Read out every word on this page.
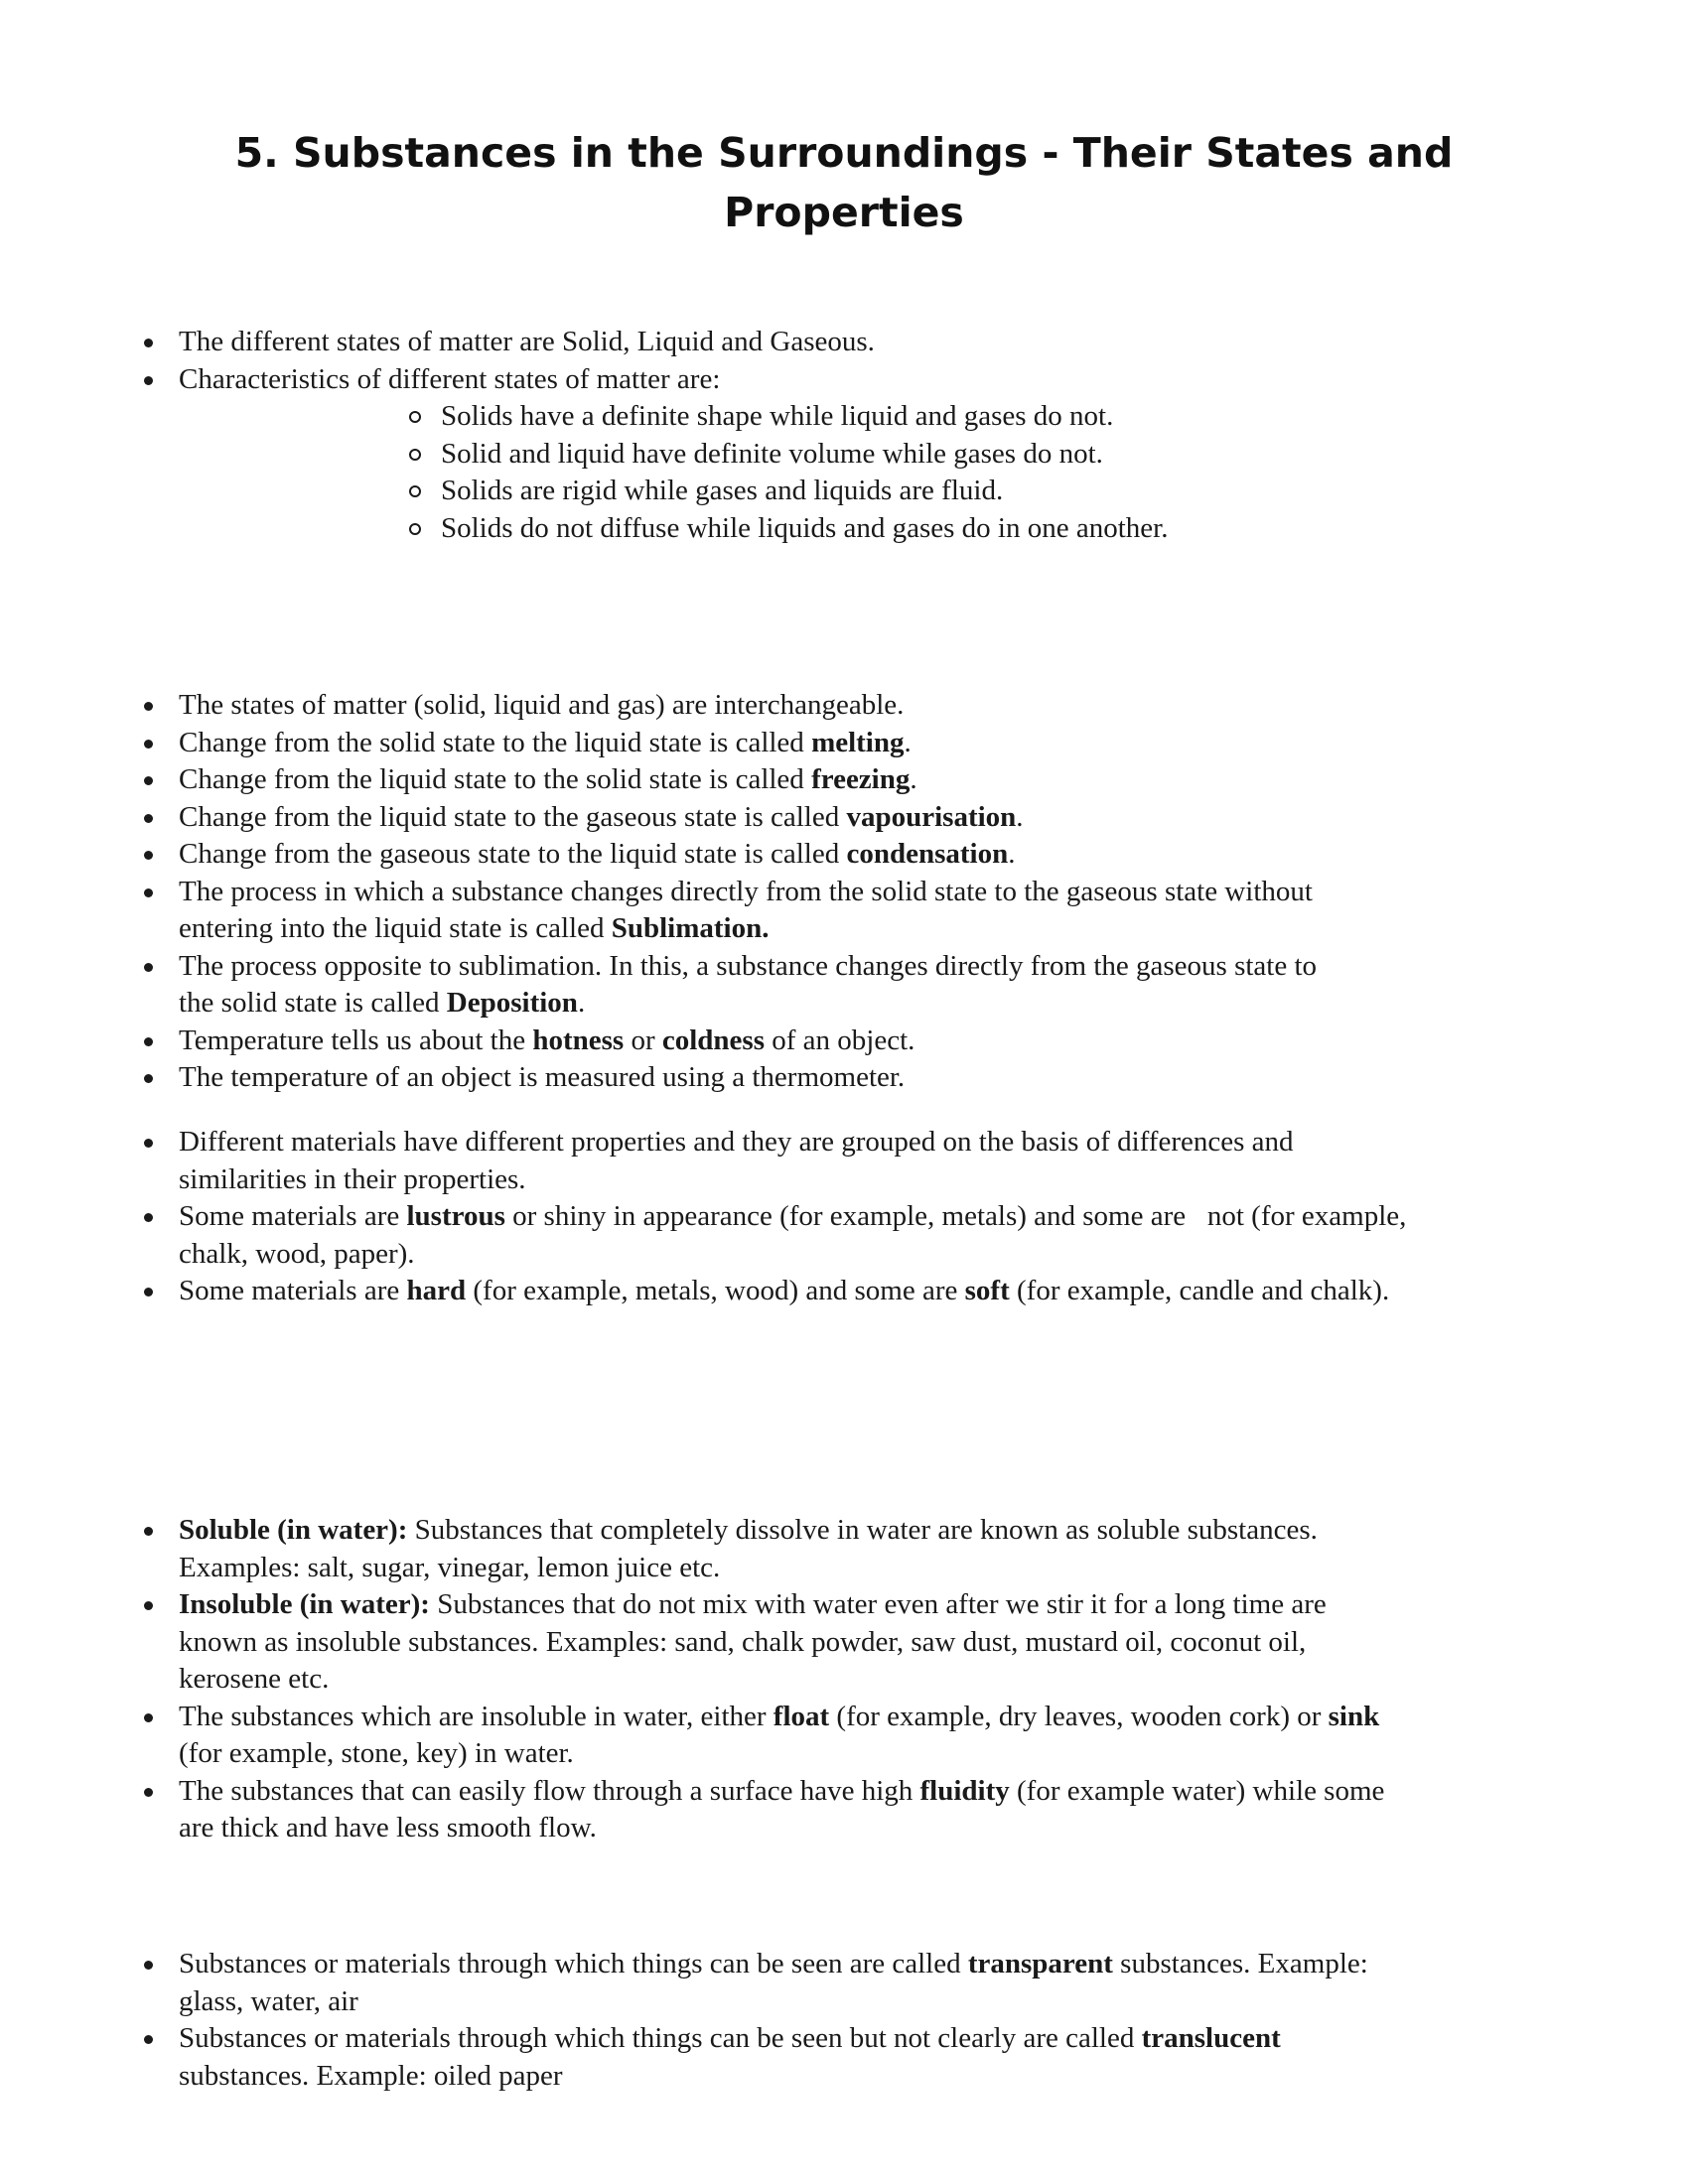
5. Substances in the Surroundings - Their States and
Properties
The different states of matter are Solid, Liquid and Gaseous.
Characteristics of different states of matter are:
Solids have a definite shape while liquid and gases do not.
Solid and liquid have definite volume while gases do not.
Solids are rigid while gases and liquids are fluid.
Solids do not diffuse while liquids and gases do in one another.
The states of matter (solid, liquid and gas) are interchangeable.
Change from the solid state to the liquid state is called melting.
Change from the liquid state to the solid state is called freezing.
Change from the liquid state to the gaseous state is called vapourisation.
Change from the gaseous state to the liquid state is called condensation.
The process in which a substance changes directly from the solid state to the gaseous state without
entering into the liquid state is called Sublimation.
The process opposite to sublimation. In this, a substance changes directly from the gaseous state to
the solid state is called Deposition.
Temperature tells us about the hotness or coldness of an object.
The temperature of an object is measured using a thermometer.
Different materials have different properties and they are grouped on the basis of differences and
similarities in their properties.
Some materials are lustrous or shiny in appearance (for example, metals) and some are   not (for example,
chalk, wood, paper).
Some materials are hard (for example, metals, wood) and some are soft (for example, candle and chalk).
Soluble (in water): Substances that completely dissolve in water are known as soluble substances.
Examples: salt, sugar, vinegar, lemon juice etc.
Insoluble (in water): Substances that do not mix with water even after we stir it for a long time are
known as insoluble substances. Examples: sand, chalk powder, saw dust, mustard oil, coconut oil,
kerosene etc.
The substances which are insoluble in water, either float (for example, dry leaves, wooden cork) or sink
(for example, stone, key) in water.
The substances that can easily flow through a surface have high fluidity (for example water) while some
are thick and have less smooth flow.
Substances or materials through which things can be seen are called transparent substances. Example:
glass, water, air
Substances or materials through which things can be seen but not clearly are called translucent
substances. Example: oiled paper
